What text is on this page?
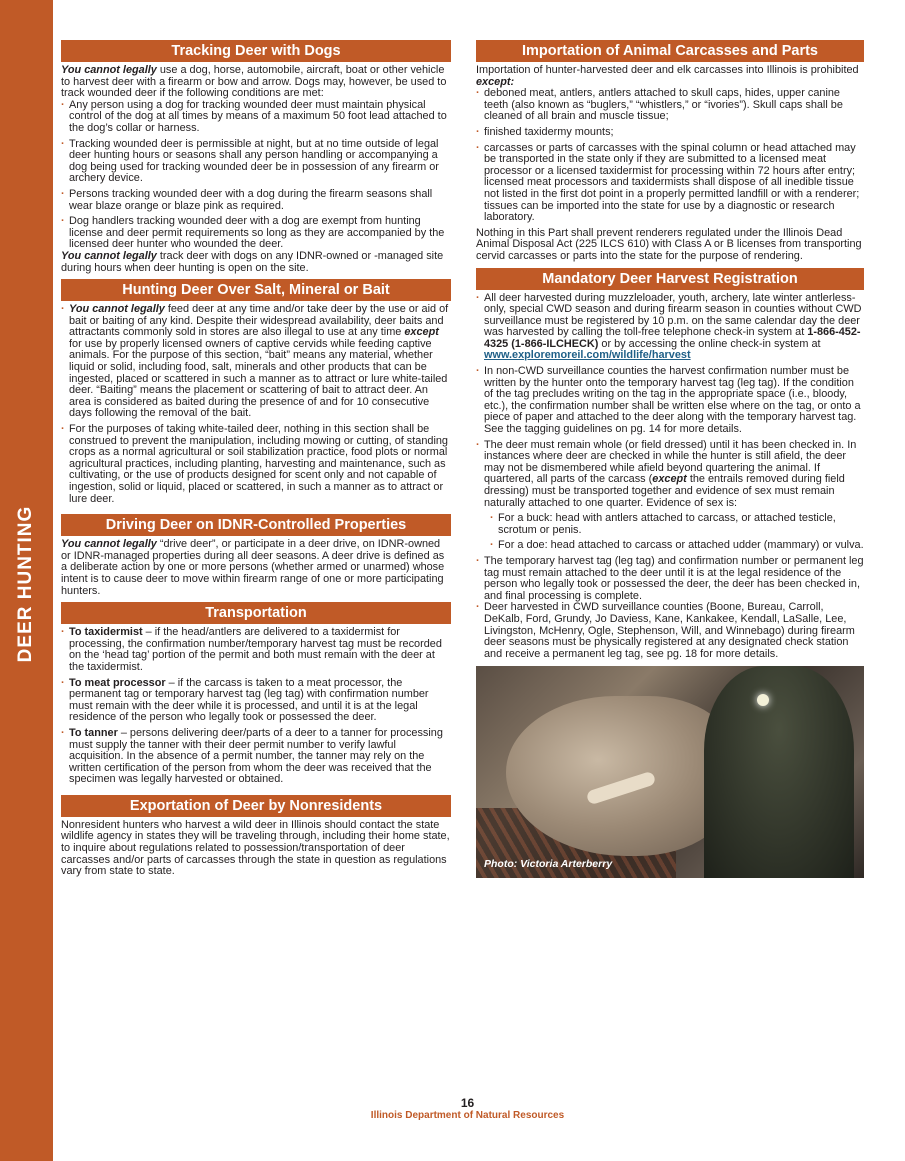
DEER HUNTING
Tracking Deer with Dogs

You cannot legally use a dog, horse, automobile, aircraft, boat or other vehicle to harvest deer with a firearm or bow and arrow. Dogs may, however, be used to track wounded deer if the following conditions are met:

· Any person using a dog for tracking wounded deer must maintain physical control of the dog at all times by means of a maximum 50 foot lead attached to the dog’s collar or harness.

· Tracking wounded deer is permissible at night, but at no time outside of legal deer hunting hours or seasons shall any person handling or accompanying a dog being used for tracking wounded deer be in possession of any firearm or archery device.

· Persons tracking wounded deer with a dog during the firearm seasons shall wear blaze orange or blaze pink as required.

· Dog handlers tracking wounded deer with a dog are exempt from hunting license and deer permit requirements so long as they are accompanied by the licensed deer hunter who wounded the deer.

You cannot legally track deer with dogs on any IDNR-owned or -managed site during hours when deer hunting is open on the site.

Hunting Deer Over Salt, Mineral or Bait

· You cannot legally feed deer at any time and/or take deer by the use or aid of bait or baiting of any kind. Despite their widespread availability, deer baits and attractants commonly sold in stores are also illegal to use at any time except for use by properly licensed owners of captive cervids while feeding captive animals. For the purpose of this section, “bait” means any material, whether liquid or solid, including food, salt, minerals and other products that can be ingested, placed or scattered in such a manner as to attract or lure white-tailed deer. “Baiting” means the placement or scattering of bait to attract deer. An area is considered as baited during the presence of and for 10 consecutive days following the removal of the bait.

· For the purposes of taking white-tailed deer, nothing in this section shall be construed to prevent the manipulation, including mowing or cutting, of standing crops as a normal agricultural or soil stabilization practice, food plots or normal agricultural practices, including planting, harvesting and maintenance, such as cultivating, or the use of products designed for scent only and not capable of ingestion, solid or liquid, placed or scattered, in such a manner as to attract or lure deer.

Driving Deer on IDNR-Controlled Properties

You cannot legally “drive deer”, or participate in a deer drive, on IDNR-owned or IDNR-managed properties during all deer seasons. A deer drive is defined as a deliberate action by one or more persons (whether armed or unarmed) whose intent is to cause deer to move within firearm range of one or more participating hunters.

Transportation

· To taxidermist – if the head/antlers are delivered to a taxidermist for processing, the confirmation number/temporary harvest tag must be recorded on the ‘head tag’ portion of the permit and both must remain with the deer at the taxidermist.

· To meat processor – if the carcass is taken to a meat processor, the permanent tag or temporary harvest tag (leg tag) with confirmation number must remain with the deer while it is processed, and until it is at the legal residence of the person who legally took or possessed the deer.

· To tanner – persons delivering deer/parts of a deer to a tanner for processing must supply the tanner with their deer permit number to verify lawful acquisition. In the absence of a permit number, the tanner may rely on the written certification of the person from whom the deer was received that the specimen was legally harvested or obtained.

Exportation of Deer by Nonresidents

Nonresident hunters who harvest a wild deer in Illinois should contact the state wildlife agency in states they will be traveling through, including their home state, to inquire about regulations related to possession/transportation of deer carcasses and/or parts of carcasses through the state in question as regulations vary from state to state.

Importation of Animal Carcasses and Parts

Importation of hunter-harvested deer and elk carcasses into Illinois is prohibited except:

· deboned meat, antlers, antlers attached to skull caps, hides, upper canine teeth (also known as “buglers,” “whistlers,” or “ivories”). Skull caps shall be cleaned of all brain and muscle tissue;

· finished taxidermy mounts;

· carcasses or parts of carcasses with the spinal column or head attached may be transported in the state only if they are submitted to a licensed meat processor or a licensed taxidermist for processing within 72 hours after entry; licensed meat processors and taxidermists shall dispose of all inedible tissue not listed in the first dot point in a properly permitted landfill or with a renderer; tissues can be imported into the state for use by a diagnostic or research laboratory.

Nothing in this Part shall prevent renderers regulated under the Illinois Dead Animal Disposal Act (225 ILCS 610) with Class A or B licenses from transporting cervid carcasses or parts into the state for the purpose of rendering.

Mandatory Deer Harvest Registration

· All deer harvested during muzzleloader, youth, archery, late winter antlerless-only, special CWD season and during firearm season in counties without CWD surveillance must be registered by 10 p.m. on the same calendar day the deer was harvested by calling the toll-free telephone check-in system at 1-866-452-4325 (1-866-ILCHECK) or by accessing the online check-in system at www.exploremoreil.com/wildlife/harvest

· In non-CWD surveillance counties the harvest confirmation number must be written by the hunter onto the temporary harvest tag (leg tag). If the condition of the tag precludes writing on the tag in the appropriate space (i.e., bloody, etc.), the confirmation number shall be written else where on the tag, or onto a piece of paper and attached to the deer along with the temporary harvest tag. See the tagging guidelines on pg. 14 for more details.

· The deer must remain whole (or field dressed) until it has been checked in. In instances where deer are checked in while the hunter is still afield, the deer may not be dismembered while afield beyond quartering the animal. If quartered, all parts of the carcass (except the entrails removed during field dressing) must be transported together and evidence of sex must remain naturally attached to one quarter. Evidence of sex is:

· For a buck: head with antlers attached to carcass, or attached testicle, scrotum or penis.

· For a doe: head attached to carcass or attached udder (mammary) or vulva.

· The temporary harvest tag (leg tag) and confirmation number or permanent leg tag must remain attached to the deer until it is at the legal residence of the person who legally took or possessed the deer, the deer has been checked in, and final processing is complete.

· Deer harvested in CWD surveillance counties (Boone, Bureau, Carroll, DeKalb, Ford, Grundy, Jo Daviess, Kane, Kankakee, Kendall, LaSalle, Lee, Livingston, McHenry, Ogle, Stephenson, Will, and Winnebago) during firearm deer seasons must be physically registered at any designated check station and receive a permanent leg tag, see pg. 18 for more details.

Photo: Victoria Arterberry
16
Illinois Department of Natural Resources
